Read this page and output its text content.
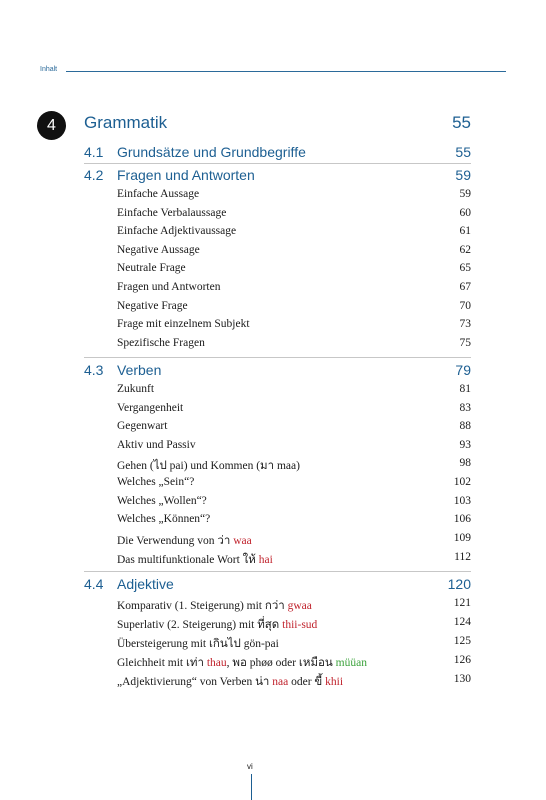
Inhalt
4	Grammatik	55
4.1 Grundsätze und Grundbegriffe	55
4.2 Fragen und Antworten	59
Einfache Aussage	59
Einfache Verbalaussage	60
Einfache Adjektivaussage	61
Negative Aussage	62
Neutrale Frage	65
Fragen und Antworten	67
Negative Frage	70
Frage mit einzelnem Subjekt	73
Spezifische Fragen	75
4.3 Verben	79
Zukunft	81
Vergangenheit	83
Gegenwart	88
Aktiv und Passiv	93
Gehen (ไป pai) und Kommen (มา maa)	98
Welches „Sein“?	102
Welches „Wollen“?	103
Welches „Können“?	106
Die Verwendung von ว่า waa	109
Das multifunktionale Wort ให้ hai	112
4.4 Adjektive	120
Komparativ (1. Steigerung) mit กว่า gwaa	121
Superlativ (2. Steigerung) mit ที่สุด thii-sud	124
Übersteigerung mit เกินไป gön-pai	125
Gleichheit mit เท่า thau, พอ phøø oder เหมือน müüan	126
„Adjektivierung“ von Verben น่า naa oder ขี้ khii	130
vi
